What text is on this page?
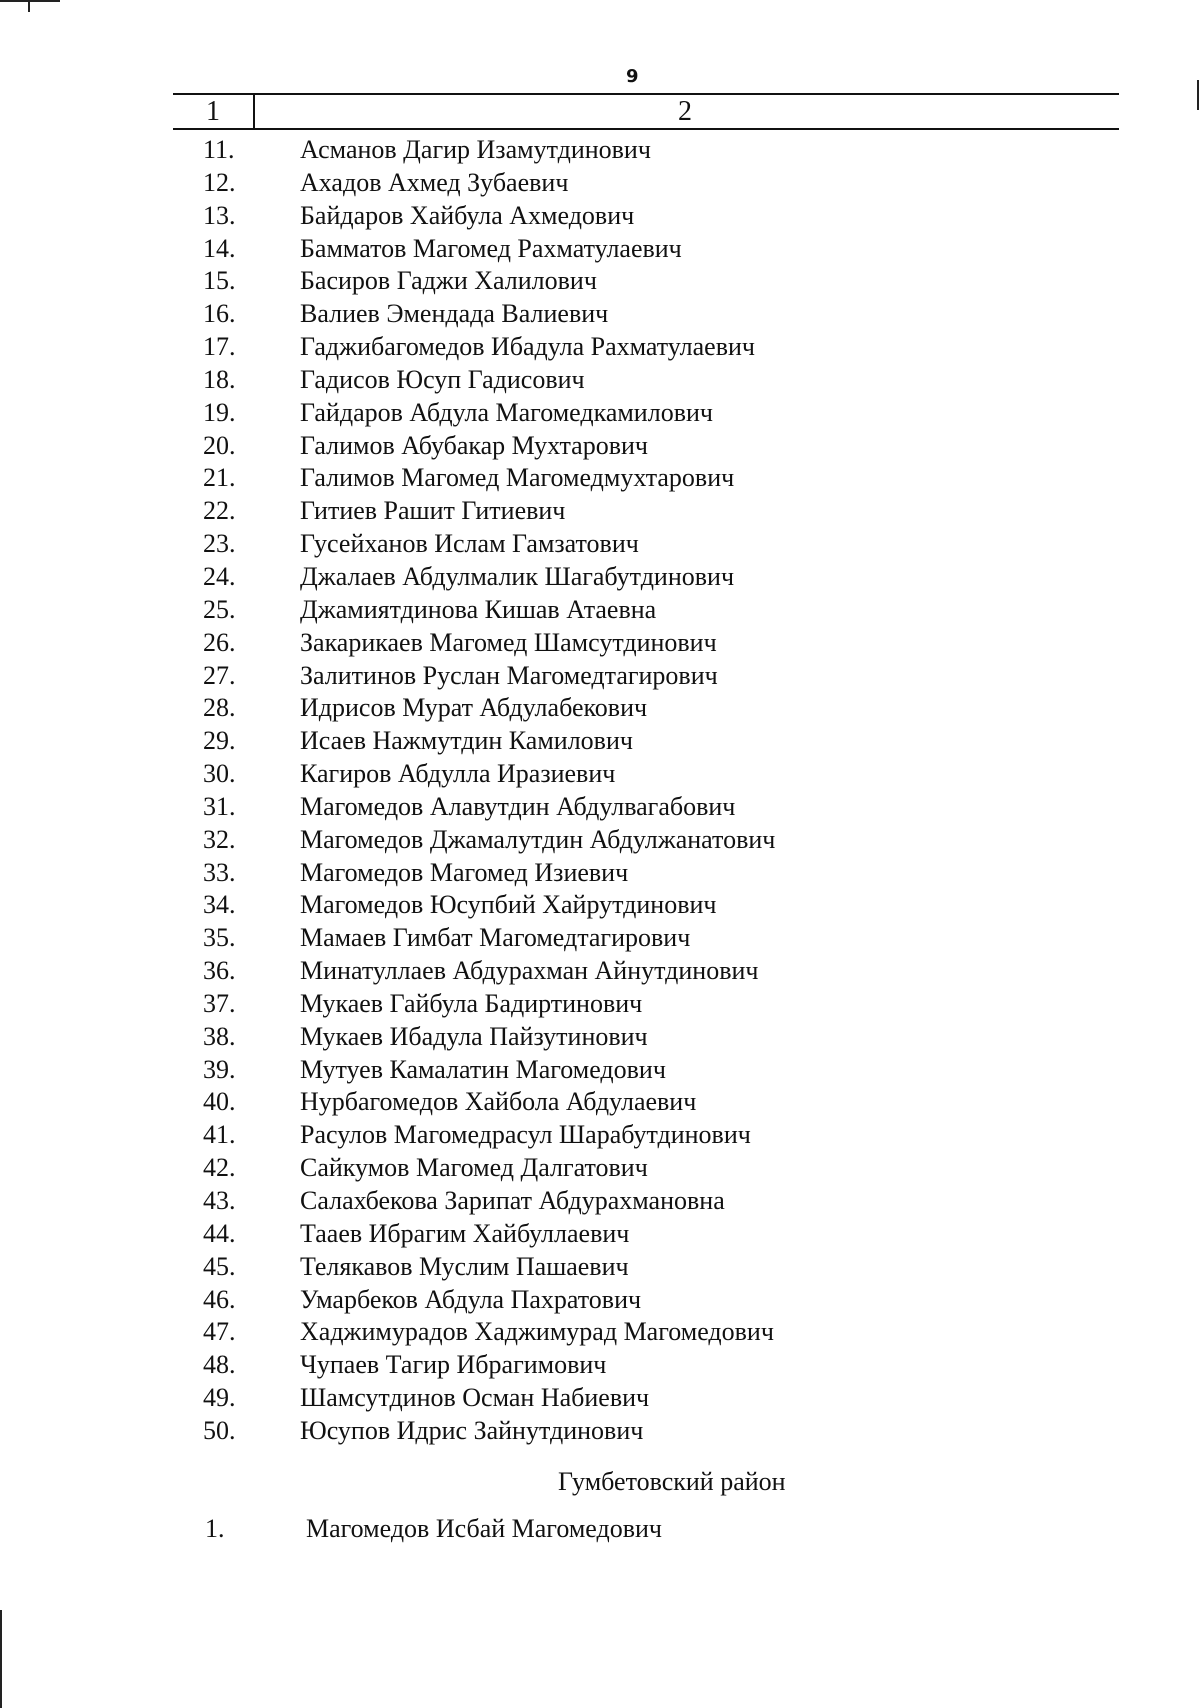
9
1	2
11.	Асманов Дагир Изамутдинович
12. Ахадов Ахмед Зубаевич
13. Байдаров Хайбула Ахмедович
14. Бамматов Магомед Рахматулаевич
15. Басиров Гаджи Халилович
16. Валиев Эмендада Валиевич
17. Гаджибагомедов Ибадула Рахматулаевич
18. Гадисов Юсуп Гадисович
19. Гайдаров Абдула Магомедкамилович
20. Галимов Абубакар Мухтарович
21. Галимов Магомед Магомедмухтарович
22. Гитиев Рашит Гитиевич
23. Гусейханов Ислам Гамзатович
24. Джалаев Абдулмалик Шагабутдинович
25. Джамиятдинова Кишав Атаевна
26. Закарикаев Магомед Шамсутдинович
27. Залитинов Руслан Магомедтагирович
28. Идрисов Мурат Абдулабекович
29. Исаев Нажмутдин Камилович
30. Кагиров Абдулла Иразиевич
31. Магомедов Алавутдин Абдулвагабович
32. Магомедов Джамалутдин Абдулжанатович
33. Магомедов Магомед Изиевич
34. Магомедов Юсупбий Хайрутдинович
35. Мамаев Гимбат Магомедтагирович
36. Минатуллаев Абдурахман Айнутдинович
37. Мукаев Гайбула Бадиртинович
38. Мукаев Ибадула Пайзутинович
39. Мутуев Камалатин Магомедович
40. Нурбагомедов Хайбола Абдулаевич
41. Расулов Магомедрасул Шарабутдинович
42. Сайкумов Магомед Далгатович
43. Салахбекова Зарипат Абдурахмановна
44. Тааев Ибрагим Хайбуллаевич
45. Телякавов Муслим Пашаевич
46. Умарбеков Абдула Пахратович
47. Хаджимурадов Хаджимурад Магомедович
48. Чупаев Тагир Ибрагимович
49. Шамсутдинов Осман Набиевич
50. Юсупов Идрис Зайнутдинович
Гумбетовский район
1.	Магомедов Исбай Магомедович
